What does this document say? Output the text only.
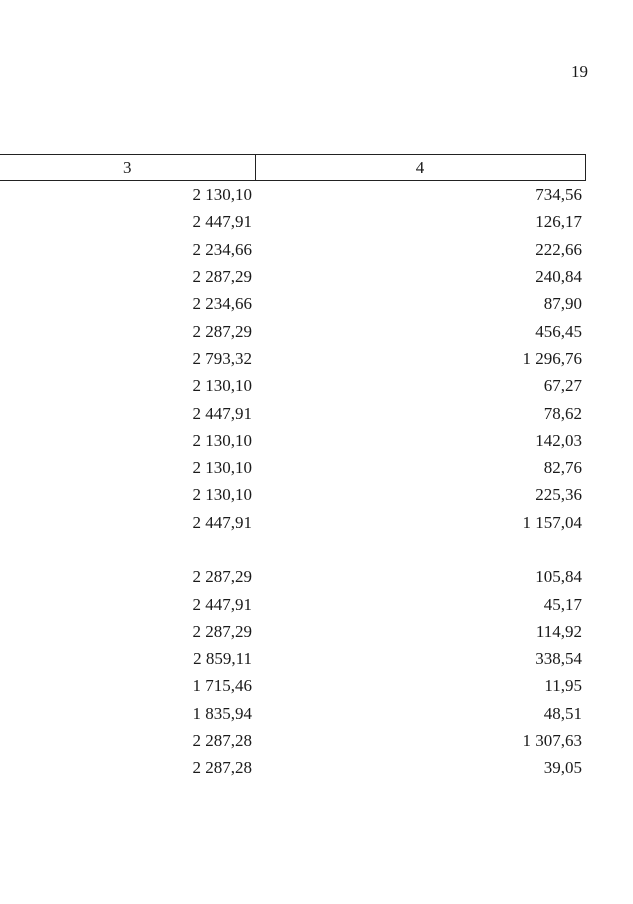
19
3	4
2 130,10	734,56
2 447,91	126,17
2 234,66	222,66
2 287,29	240,84
2 234,66	87,90
2 287,29	456,45
2 793,32	1 296,76
2 130,10	67,27
2 447,91	78,62
2 130,10	142,03
2 130,10	82,76
2 130,10	225,36
2 447,91	1 157,04

2 287,29	105,84
2 447,91	45,17
2 287,29	114,92
2 859,11	338,54
1 715,46	11,95
1 835,94	48,51
2 287,28	1 307,63
2 287,28	39,05
